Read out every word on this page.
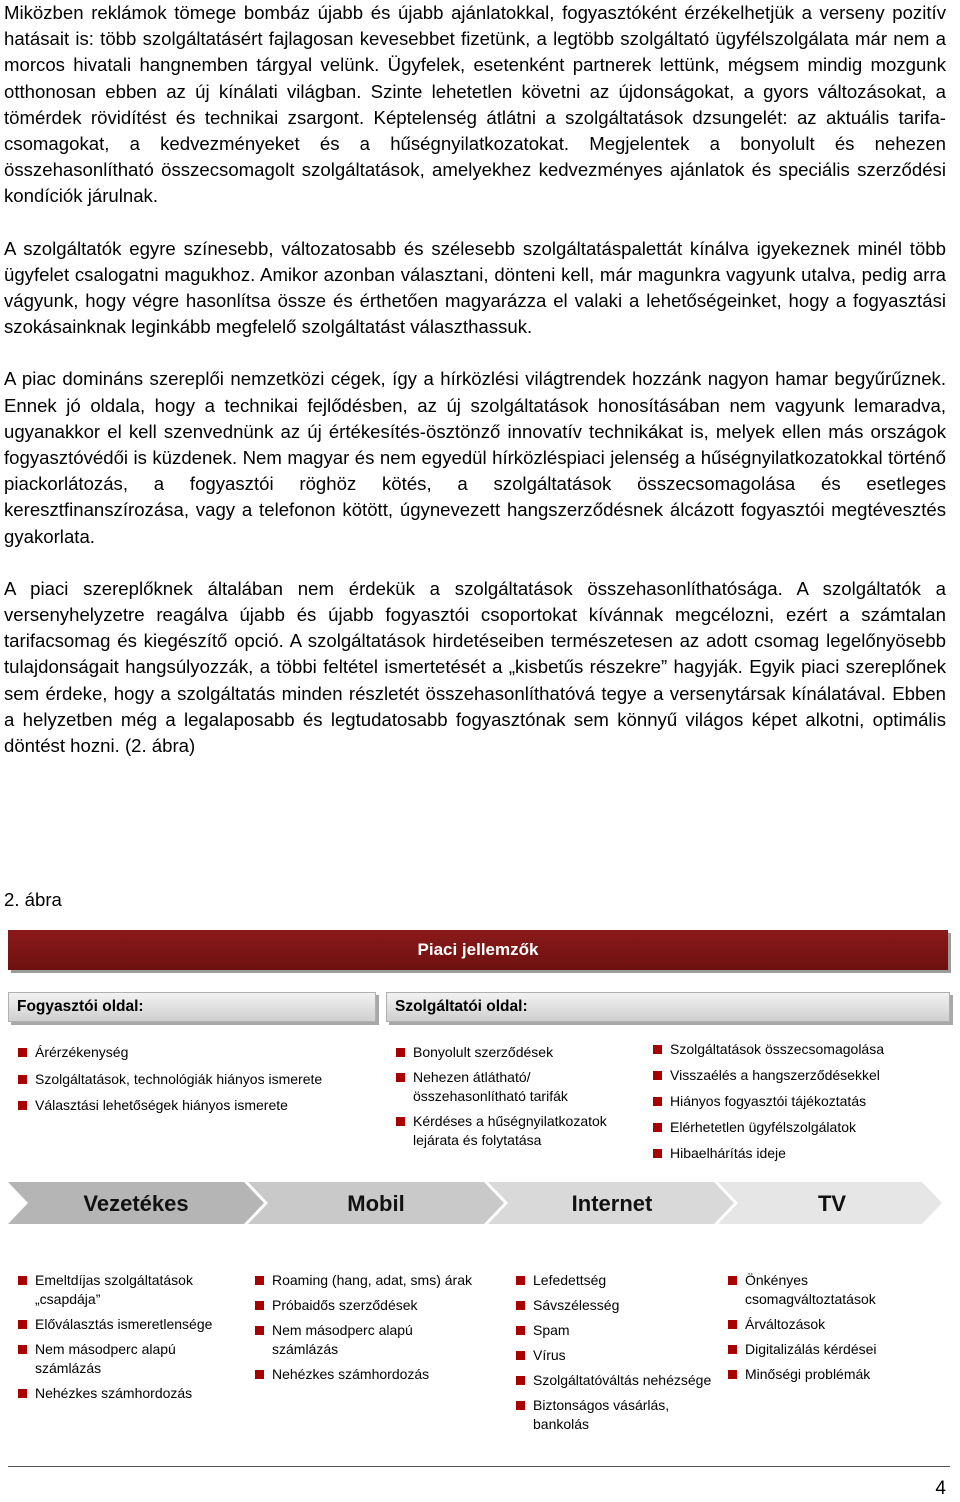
Miközben reklámok tömege bombáz újabb és újabb ajánlatokkal, fogyasztóként érzékelhetjük a verseny pozitív hatásait is: több szolgáltatásért fajlagosan kevesebbet fizetünk, a legtöbb szolgáltató ügyfélszolgálata már nem a morcos hivatali hangnemben tárgyal velünk. Ügyfelek, esetenként partnerek lettünk, mégsem mindig mozgunk otthonosan ebben az új kínálati világban. Szinte lehetetlen követni az újdonságokat, a gyors változásokat, a tömérdek rövidítést és technikai zsargont. Képtelenség átlátni a szolgáltatások dzsungelét: az aktuális tarifa-csomagokat, a kedvezményeket és a hűségnyilatkozatokat. Megjelentek a bonyolult és nehezen összehasonlítható összecsomagolt szolgáltatások, amelyekhez kedvezményes ajánlatok és speciális szerződési kondíciók járulnak.

A szolgáltatók egyre színesebb, változatosabb és szélesebb szolgáltatáspalettát kínálva igyekeznek minél több ügyfelet csalogatni magukhoz. Amikor azonban választani, dönteni kell, már magunkra vagyunk utalva, pedig arra vágyunk, hogy végre hasonlítsa össze és érthetően magyarázza el valaki a lehetőségeinket, hogy a fogyasztási szokásainknak leginkább megfelelő szolgáltatást választhassuk.

A piac domináns szereplői nemzetközi cégek, így a hírközlési világtrendek hozzánk nagyon hamar begyűrűznek. Ennek jó oldala, hogy a technikai fejlődésben, az új szolgáltatások honosításában nem vagyunk lemaradva, ugyanakkor el kell szenvednünk az új értékesítés-ösztönző innovatív technikákat is, melyek ellen más országok fogyasztóvédői is küzdenek. Nem magyar és nem egyedül hírközléspiaci jelenség a hűségnyilatkozatokkal történő piackorlátozás, a fogyasztói röghöz kötés, a szolgáltatások összecsomagolása és esetleges keresztfinanszírozása, vagy a telefonon kötött, úgynevezett hangszerződésnek álcázott fogyasztói megtévesztés gyakorlata.

A piaci szereplőknek általában nem érdekük a szolgáltatások összehasonlíthatósága. A szolgáltatók a versenyhelyzetre reagálva újabb és újabb fogyasztói csoportokat kívánnak megcélozni, ezért a számtalan tarifacsomag és kiegészítő opció. A szolgáltatások hirdetéseiben természetesen az adott csomag legelőnyösebb tulajdonságait hangsúlyozzák, a többi feltétel ismertetését a „kisbetűs részekre” hagyják. Egyik piaci szereplőnek sem érdeke, hogy a szolgáltatás minden részletét összehasonlíthatóvá tegye a versenytársak kínálatával. Ebben a helyzetben még a legalaposabb és legtudatosabb fogyasztónak sem könnyű világos képet alkotni, optimális döntést hozni. (2. ábra)

2. ábra
Piaci jellemzők
Fogyasztói oldal:	Szolgáltatói oldal:
Árérzékenység
Szolgáltatások, technológiák hiányos ismerete
Választási lehetőségek hiányos ismerete
Bonyolult szerződések
Nehezen átlátható/ összehasonlítható tarifák
Kérdéses a hűségnyilatkozatok lejárata és folytatása
Szolgáltatások összecsomagolása
Visszaélés a hangszerződésekkel
Hiányos fogyasztói tájékoztatás
Elérhetetlen ügyfélszolgálatok
Hibaelhárítás ideje
Vezetékes	Mobil	Internet	TV
Emeltdíjas szolgáltatások „csapdája”
Előválasztás ismeretlensége
Nem másodperc alapú számlázás
Nehézkes számhordozás
Roaming (hang, adat, sms) árak
Próbaidős szerződések
Nem másodperc alapú számlázás
Nehézkes számhordozás
Lefedettség
Sávszélesség
Spam
Vírus
Szolgáltatóváltás nehézsége
Biztonságos vásárlás, bankolás
Önkényes csomagváltoztatások
Árváltozások
Digitalizálás kérdései
Minőségi problémák
4
